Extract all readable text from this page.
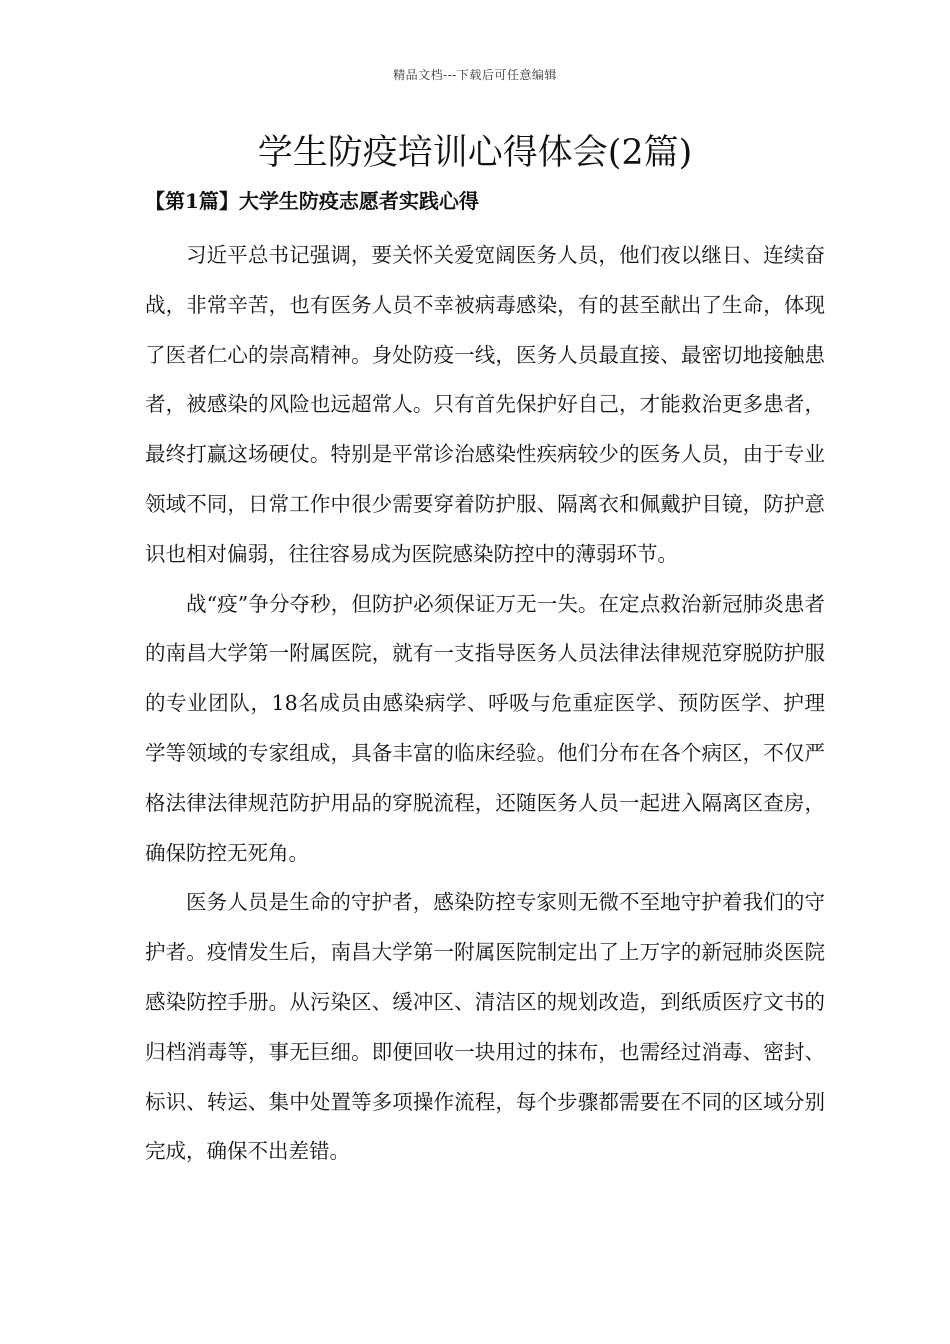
精品文档---下载后可任意编辑
学生防疫培训心得体会(2篇)
【第1篇】大学生防疫志愿者实践心得

习近平总书记强调，要关怀关爱宽阔医务人员，他们夜以继日、连续奋战，非常辛苦，也有医务人员不幸被病毒感染，有的甚至献出了生命，体现了医者仁心的崇高精神。身处防疫一线，医务人员最直接、最密切地接触患者，被感染的风险也远超常人。只有首先保护好自己，才能救治更多患者，最终打赢这场硬仗。特别是平常诊治感染性疾病较少的医务人员，由于专业领域不同，日常工作中很少需要穿着防护服、隔离衣和佩戴护目镜，防护意识也相对偏弱，往往容易成为医院感染防控中的薄弱环节。

战“疫”争分夺秒，但防护必须保证万无一失。在定点救治新冠肺炎患者的南昌大学第一附属医院，就有一支指导医务人员法律法律规范穿脱防护服的专业团队，18名成员由感染病学、呼吸与危重症医学、预防医学、护理学等领域的专家组成，具备丰富的临床经验。他们分布在各个病区，不仅严格法律法律规范防护用品的穿脱流程，还随医务人员一起进入隔离区查房，确保防控无死角。

医务人员是生命的守护者，感染防控专家则无微不至地守护着我们的守护者。疫情发生后，南昌大学第一附属医院制定出了上万字的新冠肺炎医院感染防控手册。从污染区、缓冲区、清洁区的规划改造，到纸质医疗文书的归档消毒等，事无巨细。即便回收一块用过的抹布，也需经过消毒、密封、标识、转运、集中处置等多项操作流程，每个步骤都需要在不同的区域分别完成，确保不出差错。
